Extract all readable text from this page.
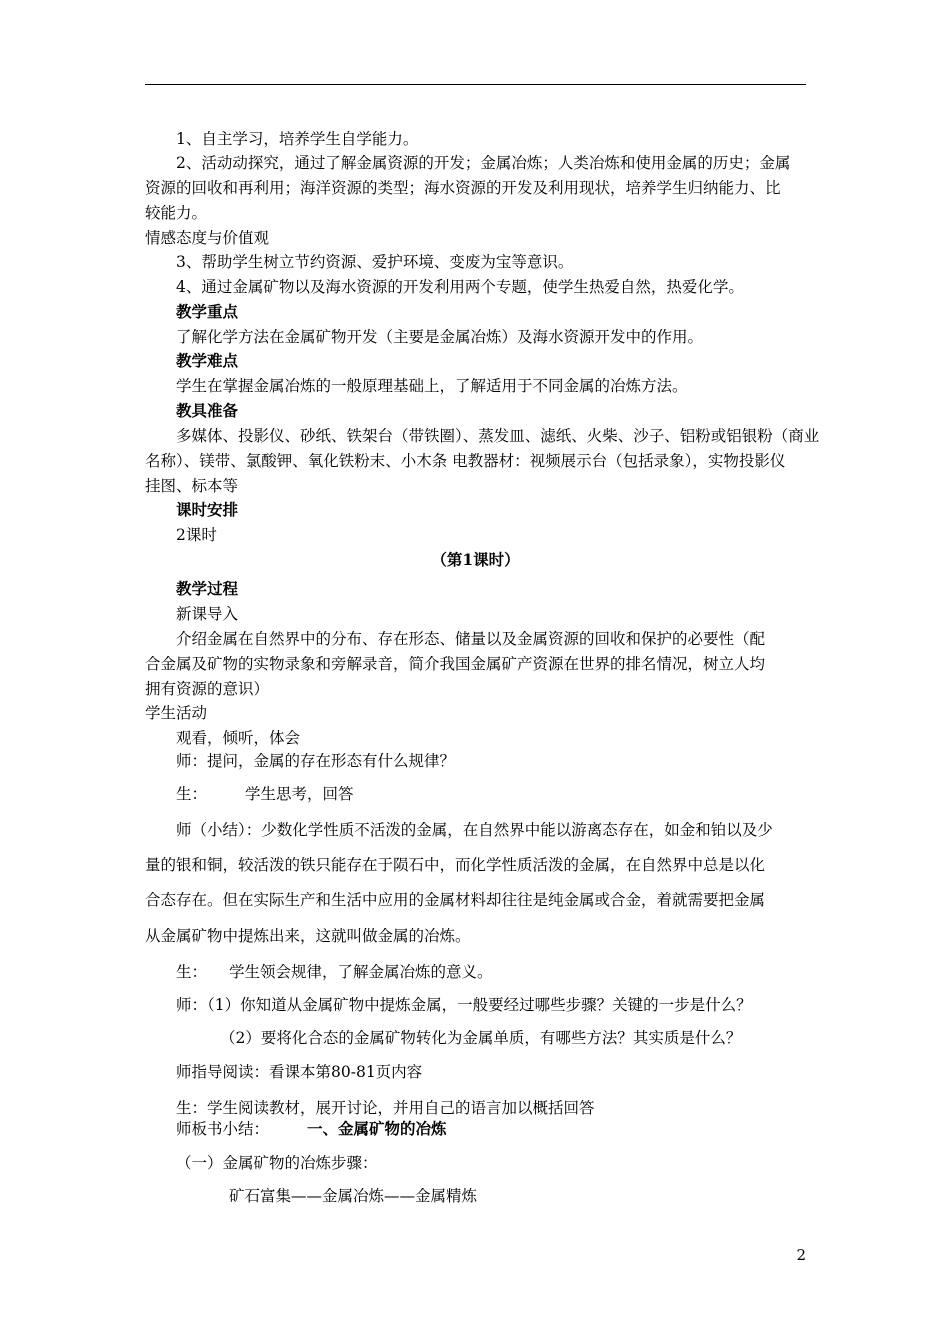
1、自主学习，培养学生自学能力。
2、活动动探究，通过了解金属资源的开发；金属冶炼；人类冶炼和使用金属的历史；金属
资源的回收和再利用；海洋资源的类型；海水资源的开发及利用现状，培养学生归纳能力、比
较能力。
情感态度与价值观
3、帮助学生树立节约资源、爱护环境、变废为宝等意识。
4、通过金属矿物以及海水资源的开发利用两个专题，使学生热爱自然，热爱化学。
教学重点
了解化学方法在金属矿物开发（主要是金属冶炼）及海水资源开发中的作用。
教学难点
学生在掌握金属冶炼的一般原理基础上，了解适用于不同金属的冶炼方法。
教具准备
多媒体、投影仪、砂纸、铁架台（带铁圈）、蒸发皿、滤纸、火柴、沙子、铝粉或铝银粉（商业
名称）、镁带、氯酸钾、氧化铁粉末、小木条 电教器材：视频展示台（包括录象），实物投影仪
挂图、标本等
课时安排
2课时
（第1课时）
教学过程
新课导入
介绍金属在自然界中的分布、存在形态、储量以及金属资源的回收和保护的必要性（配
合金属及矿物的实物录象和旁解录音，简介我国金属矿产资源在世界的排名情况，树立人均
拥有资源的意识）
学生活动
观看，倾听，体会
师：提问，金属的存在形态有什么规律？
生： 学生思考，回答
师（小结）：少数化学性质不活泼的金属，在自然界中能以游离态存在，如金和铂以及少
量的银和铜，较活泼的铁只能存在于陨石中，而化学性质活泼的金属，在自然界中总是以化
合态存在。但在实际生产和生活中应用的金属材料却往往是纯金属或合金，着就需要把金属
从金属矿物中提炼出来，这就叫做金属的冶炼。
生： 学生领会规律，了解金属冶炼的意义。
师：（1）你知道从金属矿物中提炼金属，一般要经过哪些步骤？关键的一步是什么？
（2）要将化合态的金属矿物转化为金属单质，有哪些方法？其实质是什么？
师指导阅读：看课本第80-81页内容
生：学生阅读教材，展开讨论，并用自己的语言加以概括回答
师板书小结： 一、金属矿物的冶炼
（一）金属矿物的冶炼步骤：
矿石富集——金属冶炼——金属精炼
2
